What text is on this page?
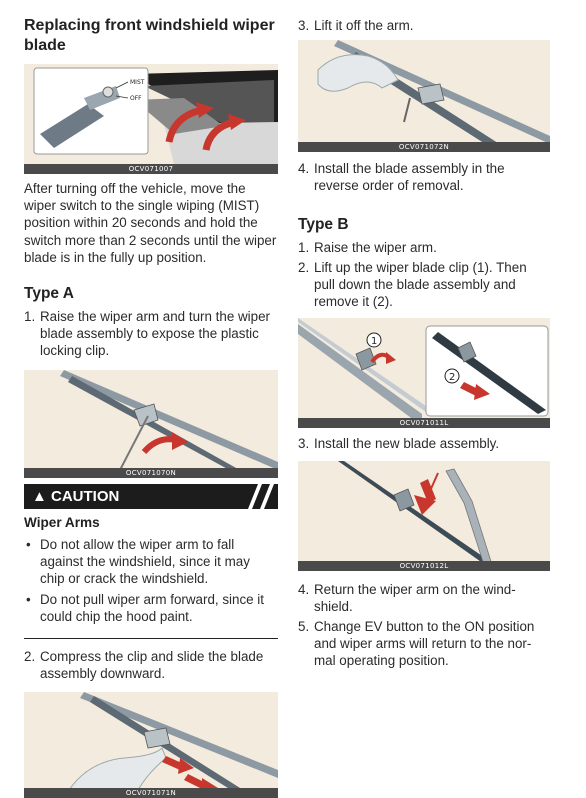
Replacing front windshield wiper blade
MIST
OFF
OCV071007

After turning off the vehicle, move the wiper switch to the single wiping (MIST) position within 20 seconds and hold the switch more than 2 seconds until the wiper blade is in the fully up position.

Type A
1. Raise the wiper arm and turn the wiper blade assembly to expose the plastic locking clip.
OCV071070N
▲ CAUTION
Wiper Arms
• Do not allow the wiper arm to fall against the windshield, since it may chip or crack the windshield.
• Do not pull wiper arm forward, since it could chip the hood paint.
2. Compress the clip and slide the blade assembly downward.
OCV071071N
3. Lift it off the arm.
OCV071072N
4. Install the blade assembly in the reverse order of removal.
Type B
1. Raise the wiper arm.
2. Lift up the wiper blade clip (1). Then pull down the blade assembly and remove it (2).
1
2
OCV071011L
3. Install the new blade assembly.
OCV071012L
4. Return the wiper arm on the wind-shield.
5. Change EV button to the ON position and wiper arms will return to the nor-mal operating position.
